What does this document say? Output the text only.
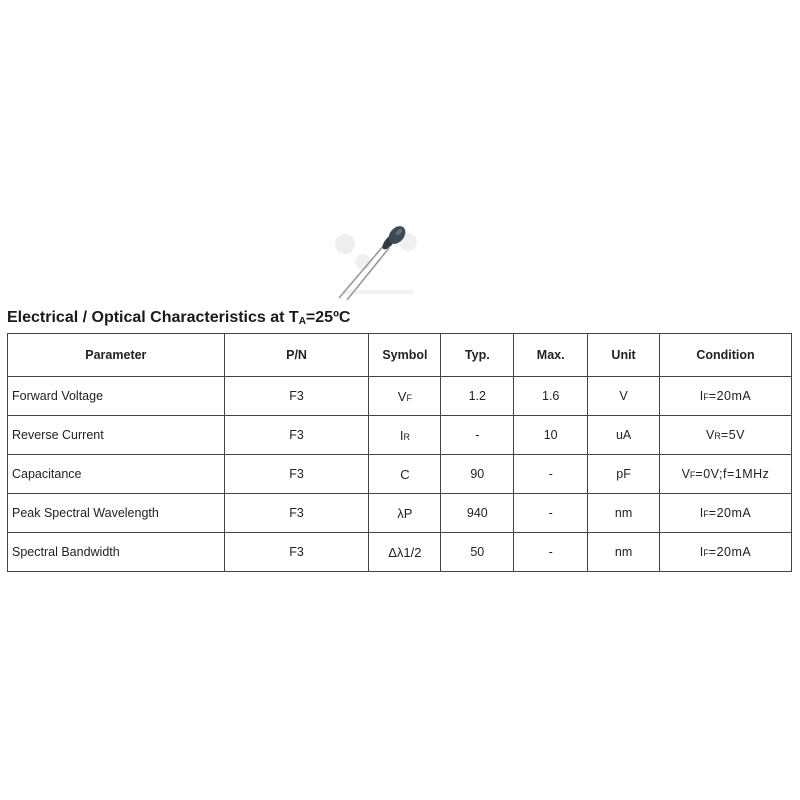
Electrical / Optical Characteristics at $T_A=25ºC$
Parameter	P/N	Symbol	Typ.	Max.	Unit	Condition
Forward Voltage	F3	VF	1.2	1.6	V	IF=20mA
Reverse Current	F3	IR	-	10	uA	VR=5V
Capacitance	F3	C	90	-	pF	VF=0V;f=1MHz
Peak Spectral Wavelength	F3	λP	940	-	nm	IF=20mA
Spectral Bandwidth	F3	Δλ1/2	50	-	nm	IF=20mA
